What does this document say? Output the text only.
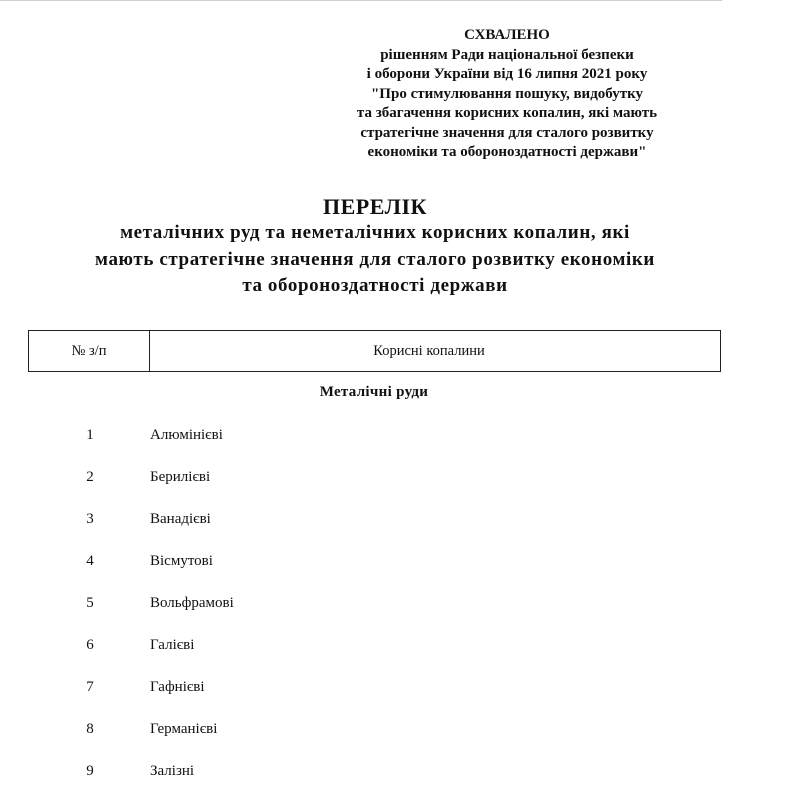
СХВАЛЕНО
рішенням Ради національної безпеки
і оборони України від 16 липня 2021 року
"Про стимулювання пошуку, видобутку
та збагачення корисних копалин, які мають
стратегічне значення для сталого розвитку
економіки та обороноздатності держави"
ПЕРЕЛІК
металічних руд та неметалічних корисних копалин, які
мають стратегічне значення для сталого розвитку економіки
та обороноздатності держави
№ з/п	Корисні копалини
Металічні руди
1	Алюмінієві
2	Берилієві
3	Ванадієві
4	Вісмутові
5	Вольфрамові
6	Галієві
7	Гафнієві
8	Германієві
9	Залізні
